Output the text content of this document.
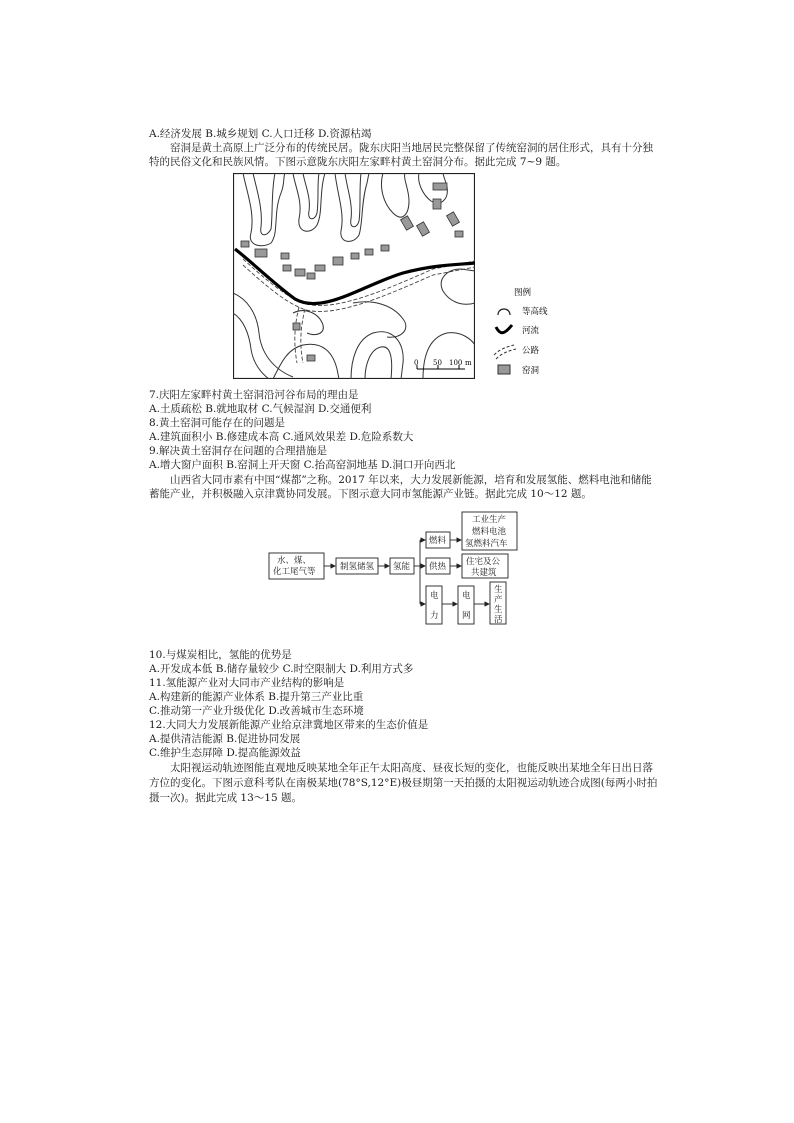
A.经济发展 B.城乡规划 C.人口迁移 D.资源枯竭
窑洞是黄土高原上广泛分布的传统民居。陇东庆阳当地居民完整保留了传统窑洞的居住形式，具有十分独
特的民俗文化和民族风情。下图示意陇东庆阳左家畔村黄土窑洞分布。据此完成 7~9 题。
0 50 100 m
图例
等高线
河流
公路
窑洞
7.庆阳左家畔村黄土窑洞沿河谷布局的理由是
A.土质疏松 B.就地取材 C.气候湿润 D.交通便利
8.黄土窑洞可能存在的问题是
A.建筑面积小 B.修建成本高 C.通风效果差 D.危险系数大
9.解决黄土窑洞存在问题的合理措施是
A.增大窗户面积 B.窑洞上开天窗 C.抬高窑洞地基 D.洞口开向西北
山西省大同市素有中国“煤都”之称。2017 年以来，大力发展新能源，培育和发展氢能、燃料电池和储能
蓄能产业，并积极融入京津冀协同发展。下图示意大同市氢能源产业链。据此完成 10～12 题。
水、煤、
化工尾气等	制氢储氢 氢能
燃料
工业生产
燃料电池
氢燃料汽车
供热 住宅及公
共建筑
电
力
电
网
生
产
生
活
10.与煤炭相比，氢能的优势是
A.开发成本低 B.储存量较少 C.时空限制大 D.利用方式多
11.氢能源产业对大同市产业结构的影响是
A.构建新的能源产业体系 B.提升第三产业比重
C.推动第一产业升级优化 D.改善城市生态环境
12.大同大力发展新能源产业给京津冀地区带来的生态价值是
A.提供清洁能源 B.促进协同发展
C.维护生态屏障 D.提高能源效益
太阳视运动轨迹图能直观地反映某地全年正午太阳高度、昼夜长短的变化，也能反映出某地全年日出日落
方位的变化。下图示意科考队在南极某地(78°S,12°E)极昼期第一天拍摄的太阳视运动轨迹合成图(每两小时拍
摄一次)。据此完成 13～15 题。
